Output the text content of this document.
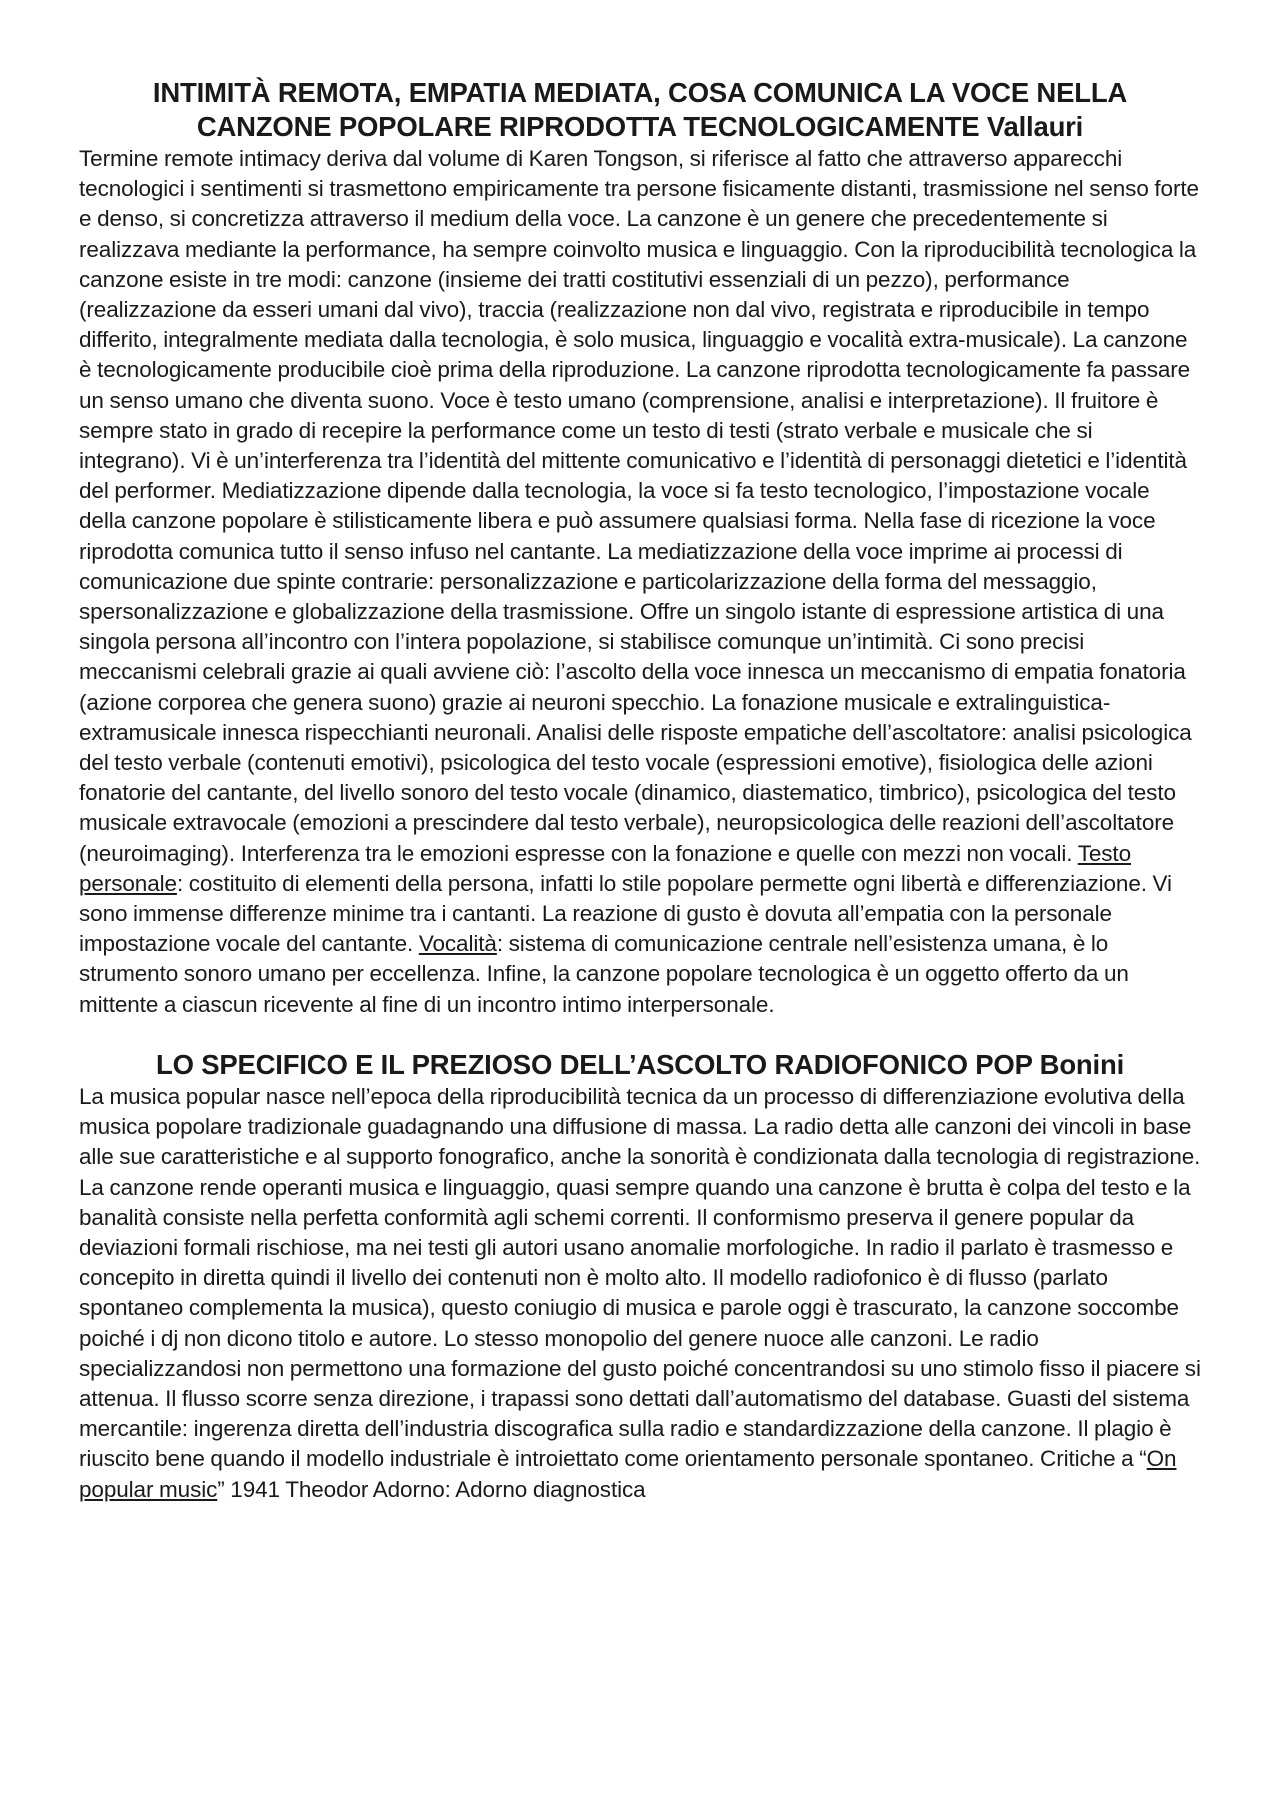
INTIMITÀ REMOTA, EMPATIA MEDIATA, COSA COMUNICA LA VOCE NELLA
CANZONE POPOLARE RIPRODOTTA TECNOLOGICAMENTE Vallauri

Termine remote intimacy deriva dal volume di Karen Tongson, si riferisce al fatto che attraverso apparecchi tecnologici i sentimenti si trasmettono empiricamente tra persone fisicamente distanti, trasmissione nel senso forte e denso, si concretizza attraverso il medium della voce. La canzone è un genere che precedentemente si realizzava mediante la performance, ha sempre coinvolto musica e linguaggio. Con la riproducibilità tecnologica la canzone esiste in tre modi: canzone (insieme dei tratti costitutivi essenziali di un pezzo), performance (realizzazione da esseri umani dal vivo), traccia (realizzazione non dal vivo, registrata e riproducibile in tempo differito, integralmente mediata dalla tecnologia, è solo musica, linguaggio e vocalità extra-musicale). La canzone è tecnologicamente producibile cioè prima della riproduzione. La canzone riprodotta tecnologicamente fa passare un senso umano che diventa suono. Voce è testo umano (comprensione, analisi e interpretazione). Il fruitore è sempre stato in grado di recepire la performance come un testo di testi (strato verbale e musicale che si integrano). Vi è un’interferenza tra l’identità del mittente comunicativo e l’identità di personaggi dietetici e l’identità del performer. Mediatizzazione dipende dalla tecnologia, la voce si fa testo tecnologico, l’impostazione vocale della canzone popolare è stilisticamente libera e può assumere qualsiasi forma. Nella fase di ricezione la voce riprodotta comunica tutto il senso infuso nel cantante. La mediatizzazione della voce imprime ai processi di comunicazione due spinte contrarie: personalizzazione e particolarizzazione della forma del messaggio, spersonalizzazione e globalizzazione della trasmissione. Offre un singolo istante di espressione artistica di una singola persona all’incontro con l’intera popolazione, si stabilisce comunque un’intimità. Ci sono precisi meccanismi celebrali grazie ai quali avviene ciò: l’ascolto della voce innesca un meccanismo di empatia fonatoria (azione corporea che genera suono) grazie ai neuroni specchio. La fonazione musicale e extralinguistica-extramusicale innesca rispecchianti neuronali. Analisi delle risposte empatiche dell’ascoltatore: analisi psicologica del testo verbale (contenuti emotivi), psicologica del testo vocale (espressioni emotive), fisiologica delle azioni fonatorie del cantante, del livello sonoro del testo vocale (dinamico, diastematico, timbrico), psicologica del testo musicale extravocale (emozioni a prescindere dal testo verbale), neuropsicologica delle reazioni dell’ascoltatore (neuroimaging). Interferenza tra le emozioni espresse con la fonazione e quelle con mezzi non vocali. Testo personale: costituito di elementi della persona, infatti lo stile popolare permette ogni libertà e differenziazione. Vi sono immense differenze minime tra i cantanti. La reazione di gusto è dovuta all’empatia con la personale impostazione vocale del cantante. Vocalità: sistema di comunicazione centrale nell’esistenza umana, è lo strumento sonoro umano per eccellenza. Infine, la canzone popolare tecnologica è un oggetto offerto da un mittente a ciascun ricevente al fine di un incontro intimo interpersonale.

LO SPECIFICO E IL PREZIOSO DELL’ASCOLTO RADIOFONICO POP Bonini

La musica popular nasce nell’epoca della riproducibilità tecnica da un processo di differenziazione evolutiva della musica popolare tradizionale guadagnando una diffusione di massa. La radio detta alle canzoni dei vincoli in base alle sue caratteristiche e al supporto fonografico, anche la sonorità è condizionata dalla tecnologia di registrazione. La canzone rende operanti musica e linguaggio, quasi sempre quando una canzone è brutta è colpa del testo e la banalità consiste nella perfetta conformità agli schemi correnti. Il conformismo preserva il genere popular da deviazioni formali rischiose, ma nei testi gli autori usano anomalie morfologiche. In radio il parlato è trasmesso e concepito in diretta quindi il livello dei contenuti non è molto alto. Il modello radiofonico è di flusso (parlato spontaneo complementa la musica), questo coniugio di musica e parole oggi è trascurato, la canzone soccombe poiché i dj non dicono titolo e autore. Lo stesso monopolio del genere nuoce alle canzoni. Le radio specializzandosi non permettono una formazione del gusto poiché concentrandosi su uno stimolo fisso il piacere si attenua. Il flusso scorre senza direzione, i trapassi sono dettati dall’automatismo del database. Guasti del sistema mercantile: ingerenza diretta dell’industria discografica sulla radio e standardizzazione della canzone. Il plagio è riuscito bene quando il modello industriale è introiettato come orientamento personale spontaneo. Critiche a “On popular music” 1941 Theodor Adorno: Adorno diagnostica
